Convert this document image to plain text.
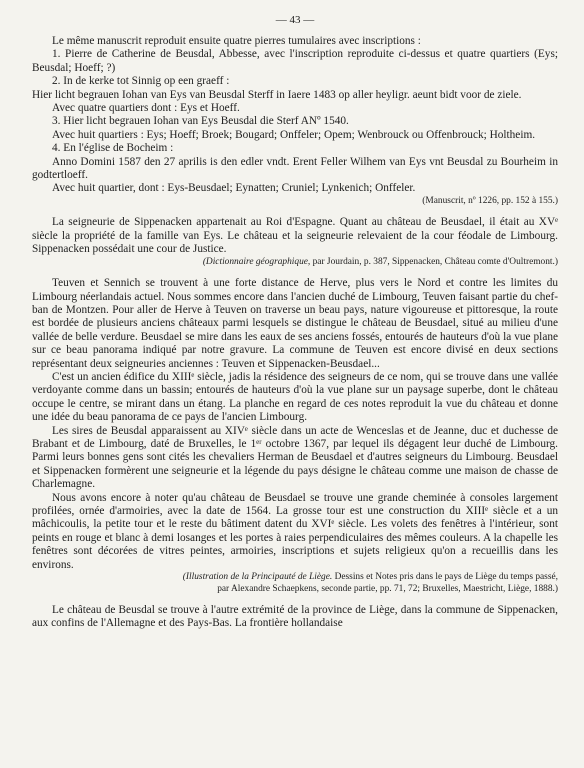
— 43 —

Le même manuscrit reproduit ensuite quatre pierres tumulaires avec inscriptions :

1. Pierre de Catherine de Beusdal, Abbesse, avec l'inscription reproduite ci-dessus et quatre quartiers (Eys; Beusdal; Hoeff; ?)

2. In de kerke tot Sinnig op een graeff :

Hier licht begrauen Iohan van Eys van Beusdal Sterff in Iaere 1483 op aller heyligr. aeunt bidt voor de ziele.

Avec quatre quartiers dont : Eys et Hoeff.

3. Hier licht begrauen Iohan van Eys Beusdal die Sterf ANº 1540.

Avec huit quartiers : Eys; Hoeff; Broek; Bougard; Onffeler; Opem; Wenbrouck ou Offenbrouck; Holtheim.

4. En l'église de Bocheim :

Anno Domini 1587 den 27 aprilis is den edler vndt. Erent Feller Wilhem van Eys vnt Beusdal zu Bourheim in godtertloeff.

Avec huit quartier, dont : Eys-Beusdael; Eynatten; Cruniel; Lynkenich; Onffeler.

(Manuscrit, nº 1226, pp. 152 à 155.)

La seigneurie de Sippenacken appartenait au Roi d'Espagne. Quant au château de Beusdael, il était au XVᵉ siècle la propriété de la famille van Eys. Le château et la seigneurie relevaient de la cour féodale de Limbourg. Sippenacken possédait une cour de Justice.

(Dictionnaire géographique, par Jourdain, p. 387, Sippenacken, Château comte d'Oultremont.)

Teuven et Sennich se trouvent à une forte distance de Herve, plus vers le Nord et contre les limites du Limbourg néerlandais actuel. Nous sommes encore dans l'ancien duché de Limbourg, Teuven faisant partie du chef-ban de Montzen. Pour aller de Herve à Teuven on traverse un beau pays, nature vigoureuse et pittoresque, la route est bordée de plusieurs anciens châteaux parmi lesquels se distingue le château de Beusdael, situé au milieu d'une vallée de belle verdure. Beusdael se mire dans les eaux de ses anciens fossés, entourés de hauteurs d'où la vue plane sur ce beau panorama indiqué par notre gravure. La commune de Teuven est encore divisé en deux sections représentant deux seigneuries anciennes : Teuven et Sippenacken-Beusdael...

C'est un ancien édifice du XIIIᵉ siècle, jadis la résidence des seigneurs de ce nom, qui se trouve dans une vallée verdoyante comme dans un bassin; entourés de hauteurs d'où la vue plane sur un paysage superbe, dont le château occupe le centre, se mirant dans un étang. La planche en regard de ces notes reproduit la vue du château et donne une idée du beau panorama de ce pays de l'ancien Limbourg.

Les sires de Beusdal apparaissent au XIVᵉ siècle dans un acte de Wenceslas et de Jeanne, duc et duchesse de Brabant et de Limbourg, daté de Bruxelles, le 1ᵉʳ octobre 1367, par lequel ils dégagent leur duché de Limbourg. Parmi leurs bonnes gens sont cités les chevaliers Herman de Beusdael et d'autres seigneurs du Limbourg. Beusdael et Sippenacken formèrent une seigneurie et la légende du pays désigne le château comme une maison de chasse de Charlemagne.

Nous avons encore à noter qu'au château de Beusdael se trouve une grande cheminée à consoles largement profilées, ornée d'armoiries, avec la date de 1564. La grosse tour est une construction du XIIIᵉ siècle et a un mâchicoulis, la petite tour et le reste du bâtiment datent du XVIᵉ siècle. Les volets des fenêtres à l'intérieur, sont peints en rouge et blanc à demi losanges et les portes à raies perpendiculaires des mêmes couleurs. A la chapelle les fenêtres sont décorées de vitres peintes, armoiries, inscriptions et sujets religieux qu'on a recueillis dans les environs.

(Illustration de la Principauté de Liège. Dessins et Notes pris dans le pays de Liège du temps passé,

par Alexandre Schaepkens, seconde partie, pp. 71, 72; Bruxelles, Maestricht, Liège, 1888.)

Le château de Beusdal se trouve à l'autre extrémité de la province de Liège, dans la commune de Sippenacken, aux confins de l'Allemagne et des Pays-Bas. La frontière hollandaise
